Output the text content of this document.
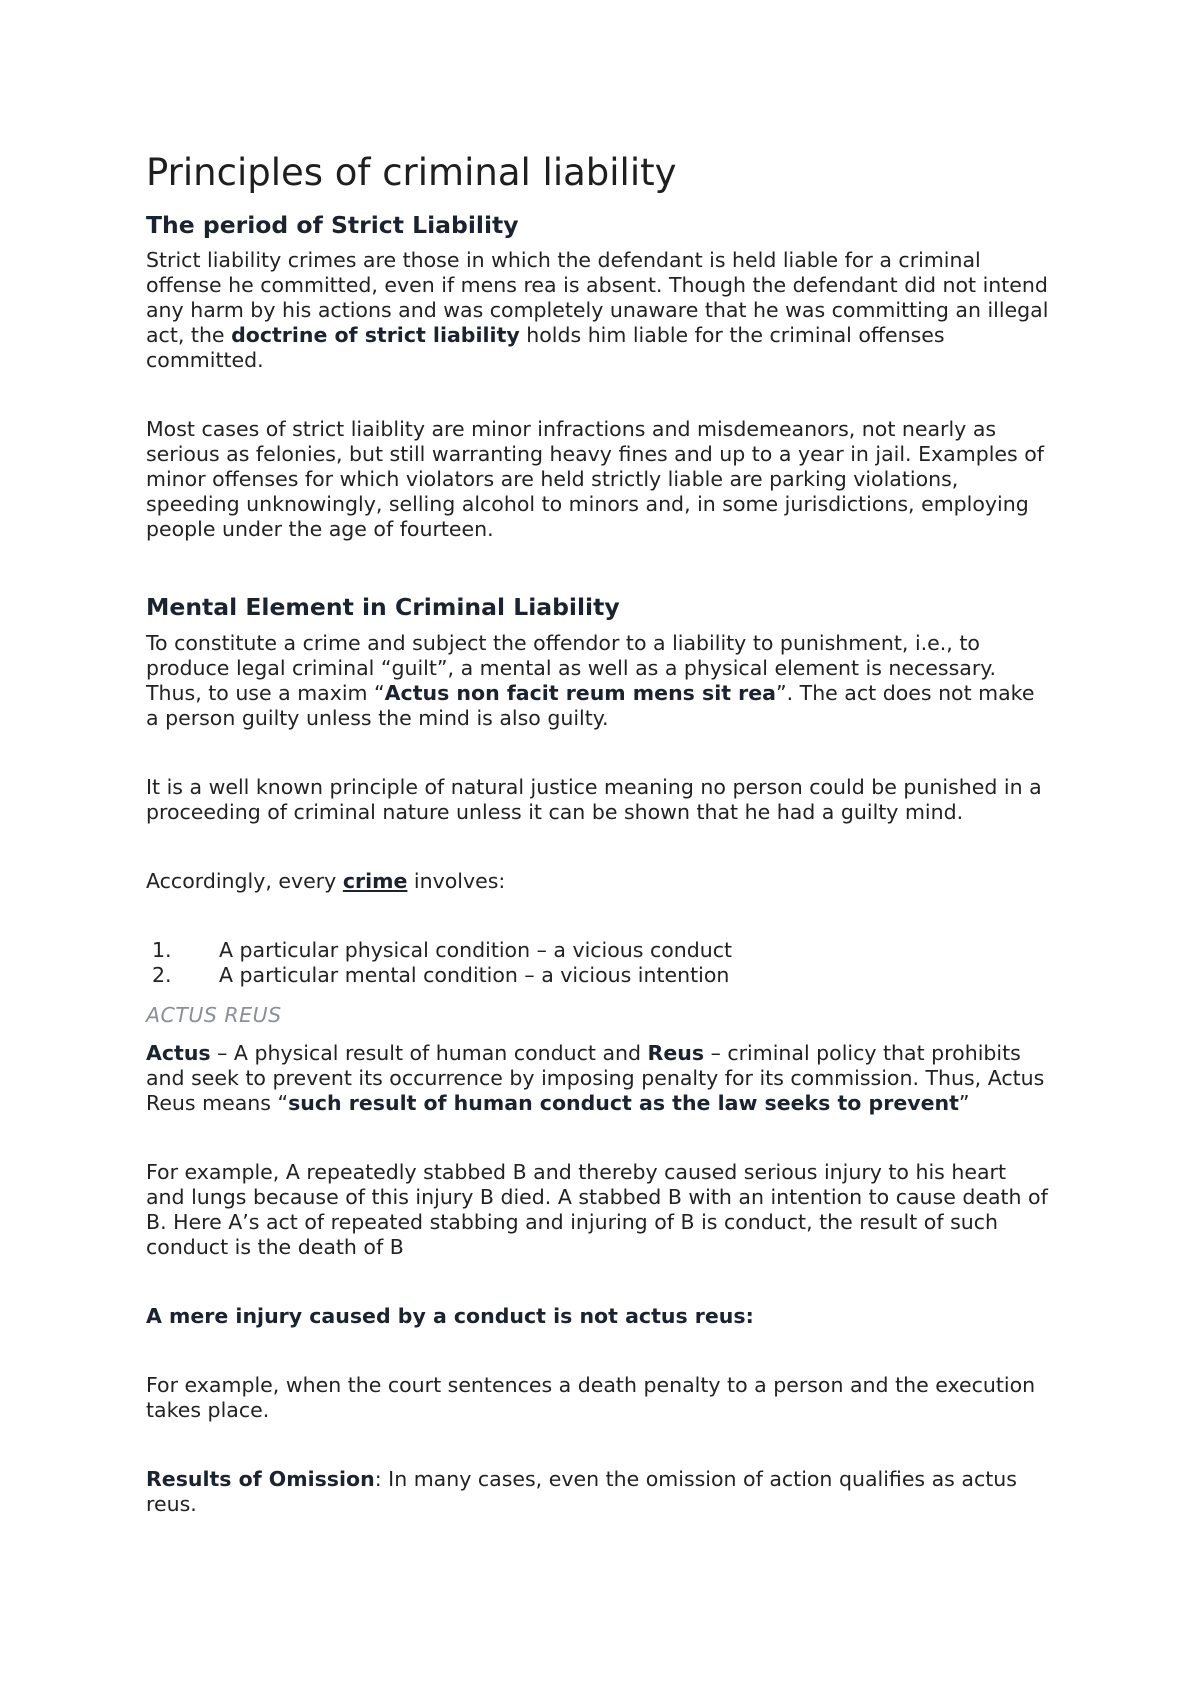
Principles of criminal liability
The period of Strict Liability

Strict liability crimes are those in which the defendant is held liable for a criminal offense he committed, even if mens rea is absent. Though the defendant did not intend any harm by his actions and was completely unaware that he was committing an illegal act, the doctrine of strict liability holds him liable for the criminal offenses committed.

Most cases of strict liaiblity are minor infractions and misdemeanors, not nearly as serious as felonies, but still warranting heavy fines and up to a year in jail. Examples of minor offenses for which violators are held strictly liable are parking violations, speeding unknowingly, selling alcohol to minors and, in some jurisdictions, employing people under the age of fourteen.

Mental Element in Criminal Liability

To constitute a crime and subject the offendor to a liability to punishment, i.e., to produce legal criminal “guilt”, a mental as well as a physical element is necessary. Thus, to use a maxim “Actus non facit reum mens sit rea”. The act does not make a person guilty unless the mind is also guilty.

It is a well known principle of natural justice meaning no person could be punished in a proceeding of criminal nature unless it can be shown that he had a guilty mind.

Accordingly, every crime involves:

1.	A particular physical condition – a vicious conduct
2.	A particular mental condition – a vicious intention
ACTUS REUS

Actus – A physical result of human conduct and Reus – criminal policy that prohibits and seek to prevent its occurrence by imposing penalty for its commission. Thus, Actus Reus means “such result of human conduct as the law seeks to prevent”

For example, A repeatedly stabbed B and thereby caused serious injury to his heart and lungs because of this injury B died. A stabbed B with an intention to cause death of B. Here A’s act of repeated stabbing and injuring of B is conduct, the result of such conduct is the death of B

A mere injury caused by a conduct is not actus reus:

For example, when the court sentences a death penalty to a person and the execution takes place.

Results of Omission: In many cases, even the omission of action qualifies as actus reus.
